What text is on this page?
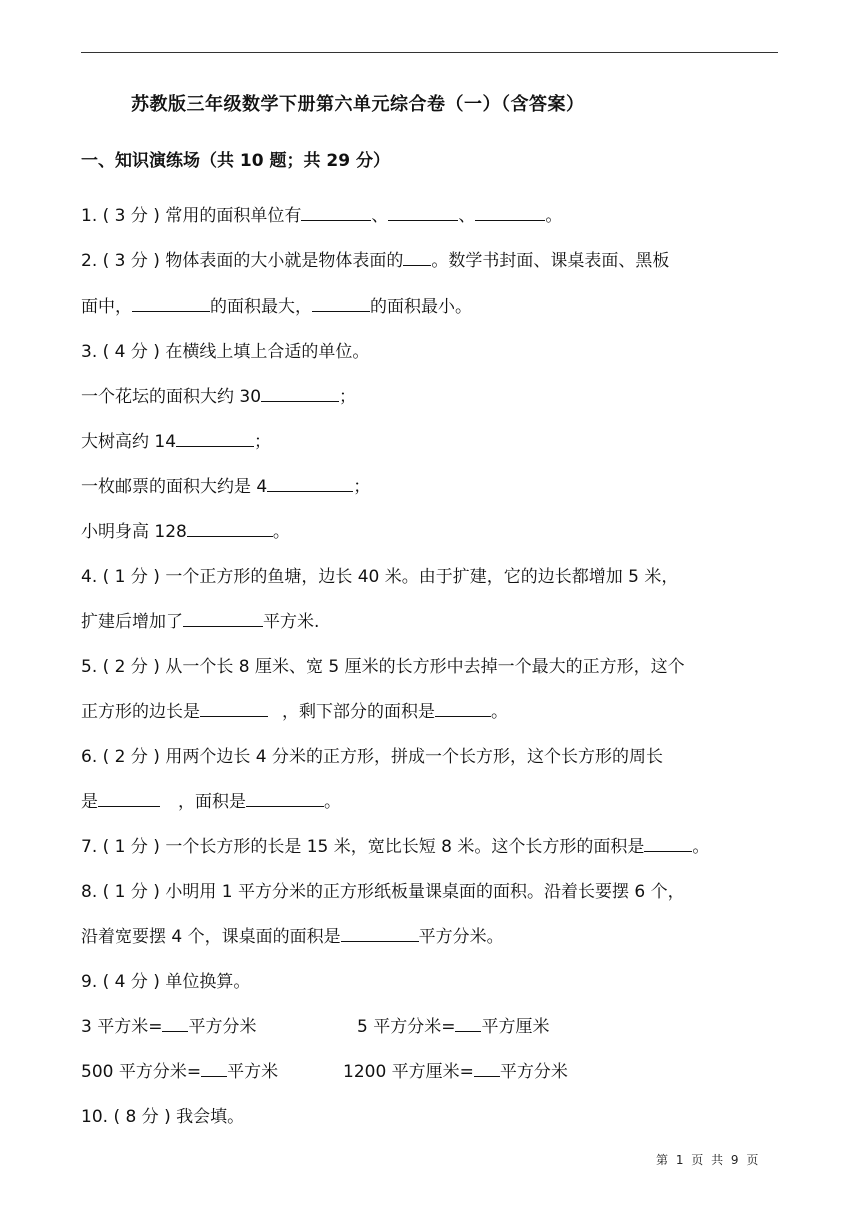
苏教版三年级数学下册第六单元综合卷（一）（含答案）
一、知识演练场（共 10 题；共 29 分）
1. ( 3 分 ) 常用的面积单位有	、	、	。
2. ( 3 分 ) 物体表面的大小就是物体表面的 。数学书封面、课桌表面、黑板
面中，	的面积最大，	的面积最小。
3. ( 4 分 ) 在横线上填上合适的单位。
一个花坛的面积大约 30	；
大树高约 14	；
一枚邮票的面积大约是 4	；
小明身高 128	。
4. ( 1 分 ) 一个正方形的鱼塘，边长 40 米。由于扩建，它的边长都增加 5 米，
扩建后增加了	平方米.
5. ( 2 分 ) 从一个长 8 厘米、宽 5 厘米的长方形中去掉一个最大的正方形，这个
正方形的边长是	，剩下部分的面积是	。
6. ( 2 分 ) 用两个边长 4 分米的正方形，拼成一个长方形，这个长方形的周长
是	，面积是	。
7. ( 1 分 ) 一个长方形的长是 15 米，宽比长短 8 米。这个长方形的面积是	。
8. ( 1 分 ) 小明用 1 平方分米的正方形纸板量课桌面的面积。沿着长要摆 6 个，
沿着宽要摆 4 个，课桌面的面积是	平方分米。
9. ( 4 分 ) 单位换算。
3 平方米= 平方分米	5 平方分米= 平方厘米
500 平方分米= 平方米	1200 平方厘米= 平方分米
10. ( 8 分 ) 我会填。
第 1 页 共 9 页
